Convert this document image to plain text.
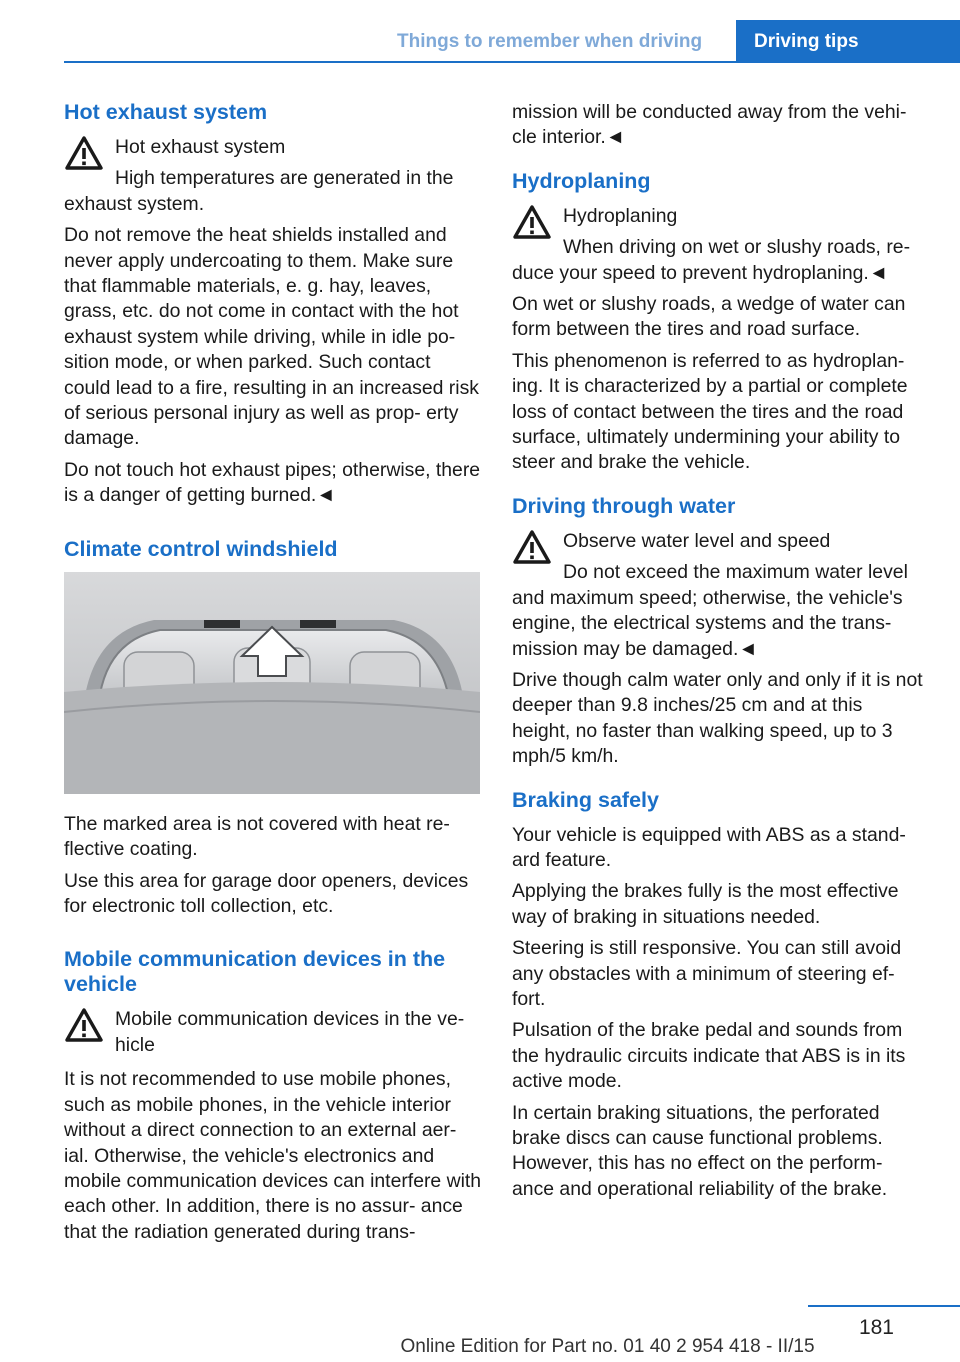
Things to remember when driving	Driving tips
Hot exhaust system
Hot exhaust system
High temperatures are generated in the exhaust system.

Do not remove the heat shields installed and never apply undercoating to them. Make sure that flammable materials, e. g. hay, leaves, grass, etc. do not come in contact with the hot exhaust system while driving, while in idle po‑ sition mode, or when parked. Such contact could lead to a fire, resulting in an increased risk of serious personal injury as well as prop‑ erty damage.

Do not touch hot exhaust pipes; otherwise, there is a danger of getting burned.◄

Climate control windshield

The marked area is not covered with heat re‑ flective coating.

Use this area for garage door openers, devices for electronic toll collection, etc.

Mobile communication devices in the vehicle
Mobile communication devices in the ve‑ hicle

It is not recommended to use mobile phones, such as mobile phones, in the vehicle interior without a direct connection to an external aer‑ ial. Otherwise, the vehicle's electronics and mobile communication devices can interfere with each other. In addition, there is no assur‑ ance that the radiation generated during trans‑

mission will be conducted away from the vehi‑ cle interior.◄

Hydroplaning
Hydroplaning
When driving on wet or slushy roads, re‑ duce your speed to prevent hydroplaning.◄

On wet or slushy roads, a wedge of water can form between the tires and road surface.

This phenomenon is referred to as hydroplan‑ ing. It is characterized by a partial or complete loss of contact between the tires and the road surface, ultimately undermining your ability to steer and brake the vehicle.

Driving through water
Observe water level and speed
Do not exceed the maximum water level and maximum speed; otherwise, the vehicle's engine, the electrical systems and the trans‑ mission may be damaged.◄

Drive though calm water only and only if it is not deeper than 9.8 inches/25 cm and at this height, no faster than walking speed, up to 3 mph/5 km/h.

Braking safely

Your vehicle is equipped with ABS as a stand‑ ard feature.

Applying the brakes fully is the most effective way of braking in situations needed.

Steering is still responsive. You can still avoid any obstacles with a minimum of steering ef‑ fort.

Pulsation of the brake pedal and sounds from the hydraulic circuits indicate that ABS is in its active mode.

In certain braking situations, the perforated brake discs can cause functional problems. However, this has no effect on the perform‑ ance and operational reliability of the brake.

181
Online Edition for Part no. 01 40 2 954 418 - II/15
